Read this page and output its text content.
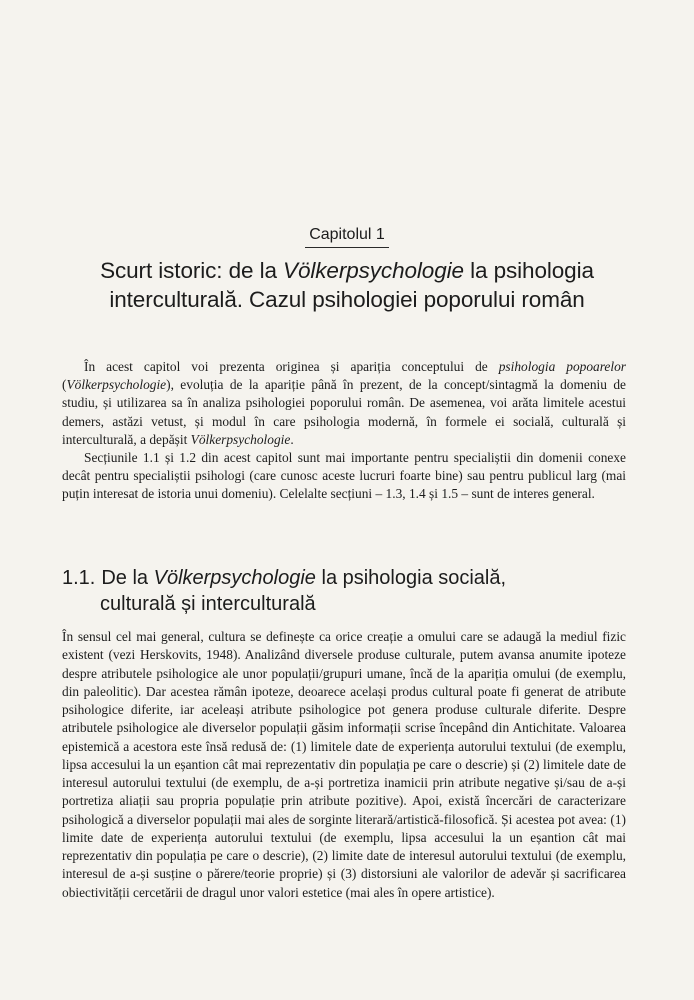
Capitolul 1
Scurt istoric: de la Völkerpsychologie la psihologia interculturală. Cazul psihologiei poporului român

În acest capitol voi prezenta originea și apariția conceptului de psihologia popoarelor (Völkerpsychologie), evoluția de la apariție până în prezent, de la concept/sintagmă la domeniu de studiu, și utilizarea sa în analiza psihologiei poporului român. De asemenea, voi arăta limitele acestui demers, astăzi vetust, și modul în care psihologia modernă, în formele ei socială, culturală și interculturală, a depășit Völkerpsychologie.

Secțiunile 1.1 și 1.2 din acest capitol sunt mai importante pentru specialiștii din domenii conexe decât pentru specialiștii psihologi (care cunosc aceste lucruri foarte bine) sau pentru publicul larg (mai puțin interesat de istoria unui domeniu). Celelalte secțiuni – 1.3, 1.4 și 1.5 – sunt de interes general.

1.1. De la Völkerpsychologie la psihologia socială,
culturală și interculturală

În sensul cel mai general, cultura se definește ca orice creație a omului care se adaugă la mediul fizic existent (vezi Herskovits, 1948). Analizând diversele produse culturale, putem avansa anumite ipoteze despre atributele psihologice ale unor populații/grupuri umane, încă de la apariția omului (de exemplu, din paleolitic). Dar acestea rămân ipoteze, deoarece același produs cultural poate fi generat de atribute psihologice diferite, iar aceleași atribute psihologice pot genera produse culturale diferite. Despre atributele psihologice ale diverselor populații găsim informații scrise începând din Antichitate. Valoarea epistemică a acestora este însă redusă de: (1) limitele date de experiența autorului textului (de exemplu, lipsa accesului la un eșantion cât mai reprezentativ din populația pe care o descrie) și (2) limitele date de interesul autorului textului (de exemplu, de a-și portretiza inamicii prin atribute negative și/sau de a-și portretiza aliații sau propria populație prin atribute pozitive). Apoi, există încercări de caracterizare psihologică a diverselor populații mai ales de sorginte literară/artistică-filosofică. Și acestea pot avea: (1) limite date de experiența autorului textului (de exemplu, lipsa accesului la un eșantion cât mai reprezentativ din populația pe care o descrie), (2) limite date de interesul autorului textului (de exemplu, interesul de a-și susține o părere/teorie proprie) și (3) distorsiuni ale valorilor de adevăr și sacrificarea obiectivității cercetării de dragul unor valori estetice (mai ales în opere artistice).
